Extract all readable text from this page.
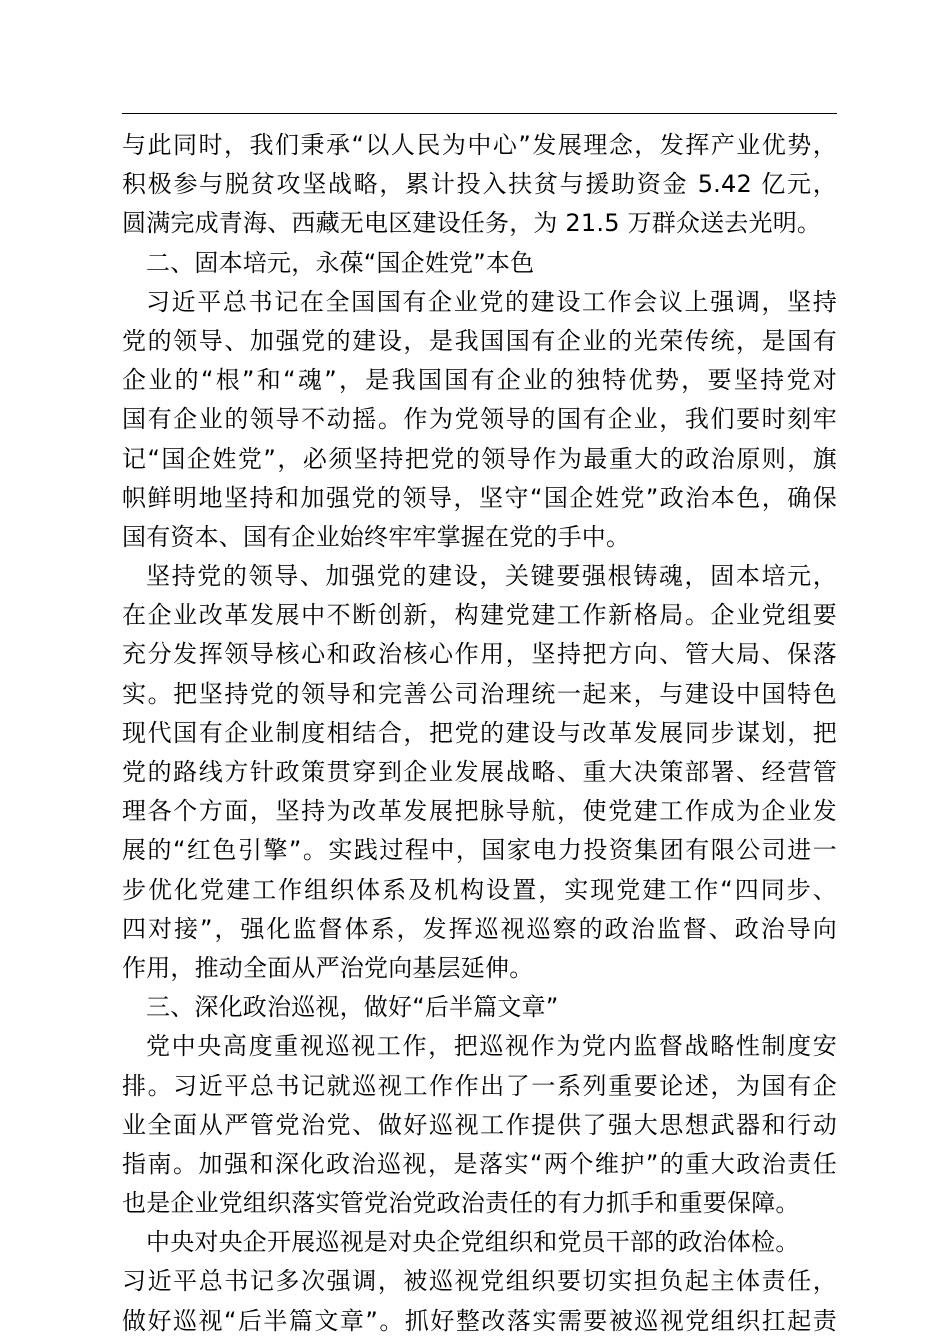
与此同时，我们秉承“以人民为中心”发展理念，发挥产业优势，
积极参与脱贫攻坚战略，累计投入扶贫与援助资金 5.42 亿元，
圆满完成青海、西藏无电区建设任务，为 21.5 万群众送去光明。
二、固本培元，永葆“国企姓党”本色
习近平总书记在全国国有企业党的建设工作会议上强调，坚持
党的领导、加强党的建设，是我国国有企业的光荣传统，是国有
企业的“根”和“魂”，是我国国有企业的独特优势，要坚持党对
国有企业的领导不动摇。作为党领导的国有企业，我们要时刻牢
记“国企姓党”，必须坚持把党的领导作为最重大的政治原则，旗
帜鲜明地坚持和加强党的领导，坚守“国企姓党”政治本色，确保
国有资本、国有企业始终牢牢掌握在党的手中。
坚持党的领导、加强党的建设，关键要强根铸魂，固本培元，
在企业改革发展中不断创新，构建党建工作新格局。企业党组要
充分发挥领导核心和政治核心作用，坚持把方向、管大局、保落
实。把坚持党的领导和完善公司治理统一起来，与建设中国特色
现代国有企业制度相结合，把党的建设与改革发展同步谋划，把
党的路线方针政策贯穿到企业发展战略、重大决策部署、经营管
理各个方面，坚持为改革发展把脉导航，使党建工作成为企业发
展的“红色引擎”。实践过程中，国家电力投资集团有限公司进一
步优化党建工作组织体系及机构设置，实现党建工作“四同步、
四对接”，强化监督体系，发挥巡视巡察的政治监督、政治导向
作用，推动全面从严治党向基层延伸。
三、深化政治巡视，做好“后半篇文章”
党中央高度重视巡视工作，把巡视作为党内监督战略性制度安
排。习近平总书记就巡视工作作出了一系列重要论述，为国有企
业全面从严管党治党、做好巡视工作提供了强大思想武器和行动
指南。加强和深化政治巡视，是落实“两个维护”的重大政治责任
也是企业党组织落实管党治党政治责任的有力抓手和重要保障。
中央对央企开展巡视是对央企党组织和党员干部的政治体检。
习近平总书记多次强调，被巡视党组织要切实担负起主体责任，
做好巡视“后半篇文章”。抓好整改落实需要被巡视党组织扛起责
